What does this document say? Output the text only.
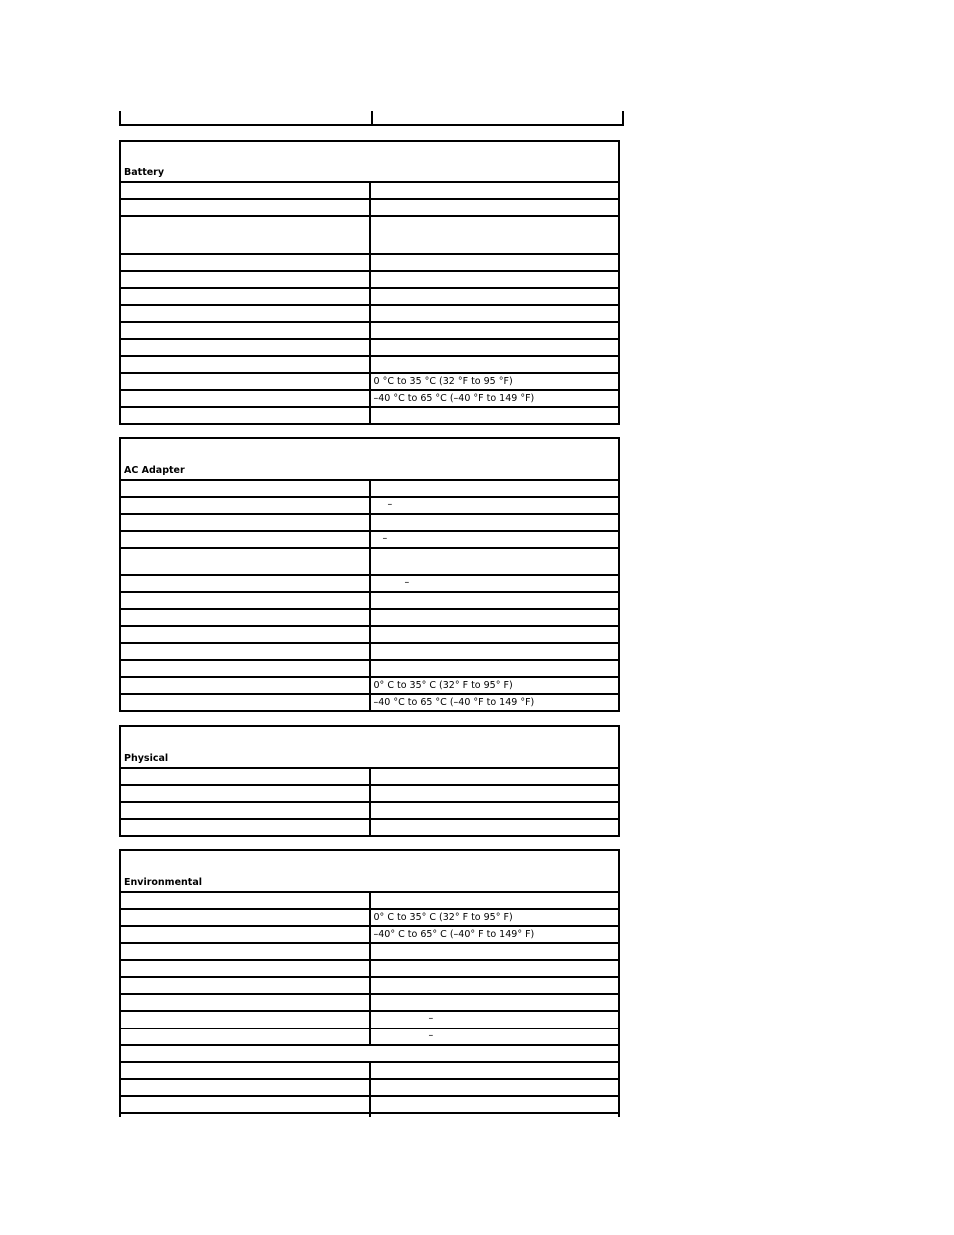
Battery	

	0 °C to 35 °C (32 °F to 95 °F)
	–40 °C to 65 °C (–40 °F to 149 °F)

AC Adapter	

	–

	–

	–

	0° C to 35° C (32° F to 95° F)
	–40 °C to 65 °C (–40 °F to 149 °F)
Physical	

Environmental	

	0° C to 35° C (32° F to 95° F)
	–40° C to 65° C (–40° F to 149° F)

	–

	–
